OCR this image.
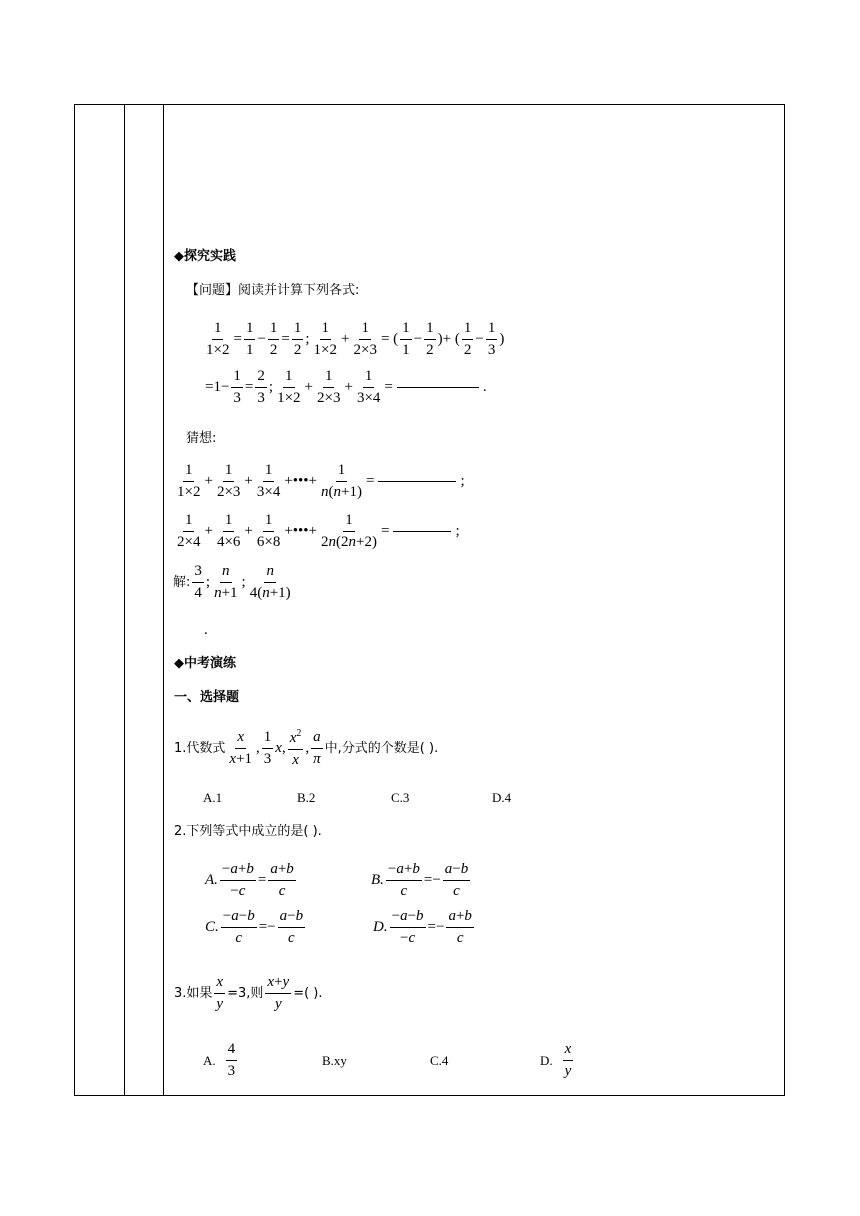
◆探究实践
【问题】阅读并计算下列各式:
$\frac{1}{1\times 2} = \frac{1}{1} - \frac{1}{2} = \frac{1}{2}$ ; $\frac{1}{1\times 2} + \frac{1}{2\times 3}$ = ( $\frac{1}{1} - \frac{1}{2}$ )+ ( $\frac{1}{2} - \frac{1}{3}$ )
$=1- \frac{1}{3} = \frac{2}{3}$ ; $\frac{1}{1\times 2} + \frac{1}{2\times 3} + \frac{1}{3\times 4}$ =	.
猜想:
$\frac{1}{1\times 2} + \frac{1}{2\times 3} + \frac{1}{3\times 4}$ +•••+ $\frac{1}{n(n+1)}$ =	;
$\frac{1}{2\times 4} + \frac{1}{4\times 6} + \frac{1}{6\times 8}$ +•••+ $\frac{1}{2n(2n+2)}$ =	;
解: $\frac{3}{4}$ ; $\frac{n}{n+1}$ ; $\frac{n}{4(n+1)}$
.
◆中考演练
一、选择题
1.代数式 $\frac{x}{x+1}$ , $\frac{1}{3}$ x , $\frac{x^2}{x}$ , $\frac{a}{\pi}$ 中,分式的个数是( ).
A.1	B.2	C.3	D.4
2.下列等式中成立的是( ).
A. $\frac{-a+b}{-c} = \frac{a+b}{c}$	B. $\frac{-a+b}{c} =- \frac{a-b}{c}$
C. $\frac{-a-b}{c} =- \frac{a-b}{c}$	D. $\frac{-a-b}{-c} =- \frac{a+b}{c}$
3.如果 $\frac{x}{y} =3$,则 $\frac{x+y}{y}$ =( ).
A. $\frac{4}{3}$	B.xy	C.4	D. $\frac{x}{y}$
